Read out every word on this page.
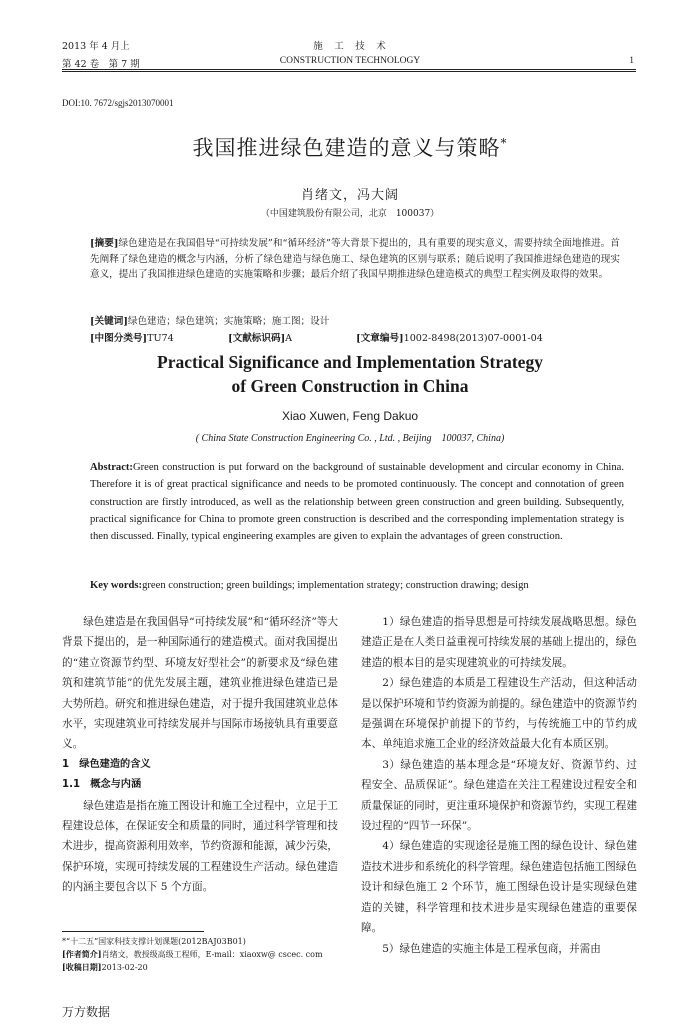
2013 年 4 月上
第 42 卷　第 7 期
施　工　技　术
CONSTRUCTION TECHNOLOGY	1
DOI:10. 7672/sgjs2013070001
我国推进绿色建造的意义与策略*
肖绪文，冯大阔
（中国建筑股份有限公司，北京　100037）
[摘要]绿色建造是在我国倡导“可持续发展”和“循环经济”等大背景下提出的，具有重要的现实意义，需要持续全面地推进。首先阐释了绿色建造的概念与内涵，分析了绿色建造与绿色施工、绿色建筑的区别与联系；随后说明了我国推进绿色建造的现实意义，提出了我国推进绿色建造的实施策略和步骤；最后介绍了我国早期推进绿色建造模式的典型工程实例及取得的效果。
[关键词]绿色建造；绿色建筑；实施策略；施工图；设计
[中图分类号]TU74	[文献标识码]A	[文章编号]1002-8498(2013)07-0001-04
Practical Significance and Implementation Strategy
of Green Construction in China
Xiao Xuwen, Feng Dakuo
( China State Construction Engineering Co. , Ltd. , Beijing　100037, China)
Abstract:Green construction is put forward on the background of sustainable development and circular economy in China. Therefore it is of great practical significance and needs to be promoted continuously. The concept and connotation of green construction are firstly introduced, as well as the relationship between green construction and green building. Subsequently, practical significance for China to promote green construction is described and the corresponding implementation strategy is then discussed. Finally, typical engineering examples are given to explain the advantages of green construction.
Key words:green construction; green buildings; implementation strategy; construction drawing; design

绿色建造是在我国倡导“可持续发展”和“循环经济”等大背景下提出的，是一种国际通行的建造模式。面对我国提出的“建立资源节约型、环境友好型社会”的新要求及“绿色建筑和建筑节能”的优先发展主题，建筑业推进绿色建造已是大势所趋。研究和推进绿色建造，对于提升我国建筑业总体水平，实现建筑业可持续发展并与国际市场接轨具有重要意义。

1　绿色建造的含义

1.1　概念与内涵

绿色建造是指在施工图设计和施工全过程中，立足于工程建设总体，在保证安全和质量的同时，通过科学管理和技术进步，提高资源利用效率，节约资源和能源，减少污染，保护环境，实现可持续发展的工程建设生产活动。绿色建造的内涵主要包含以下 5 个方面。

1）绿色建造的指导思想是可持续发展战略思想。绿色建造正是在人类日益重视可持续发展的基础上提出的，绿色建造的根本目的是实现建筑业的可持续发展。

2）绿色建造的本质是工程建设生产活动，但这种活动是以保护环境和节约资源为前提的。绿色建造中的资源节约是强调在环境保护前提下的节约，与传统施工中的节约成本、单纯追求施工企业的经济效益最大化有本质区别。

3）绿色建造的基本理念是“环境友好、资源节约、过程安全、品质保证”。绿色建造在关注工程建设过程安全和质量保证的同时，更注重环境保护和资源节约，实现工程建设过程的“四节一环保”。

4）绿色建造的实现途径是施工图的绿色设计、绿色建造技术进步和系统化的科学管理。绿色建造包括施工图绿色设计和绿色施工 2 个环节，施工图绿色设计是实现绿色建造的关键，科学管理和技术进步是实现绿色建造的重要保障。

5）绿色建造的实施主体是工程承包商，并需由

*“十二五”国家科技支撑计划课题(2012BAJ03B01)
[作者简介]肖绪文，教授级高级工程师，E-mail：xiaoxw@ cscec. com
[收稿日期]2013-02-20
万方数据
